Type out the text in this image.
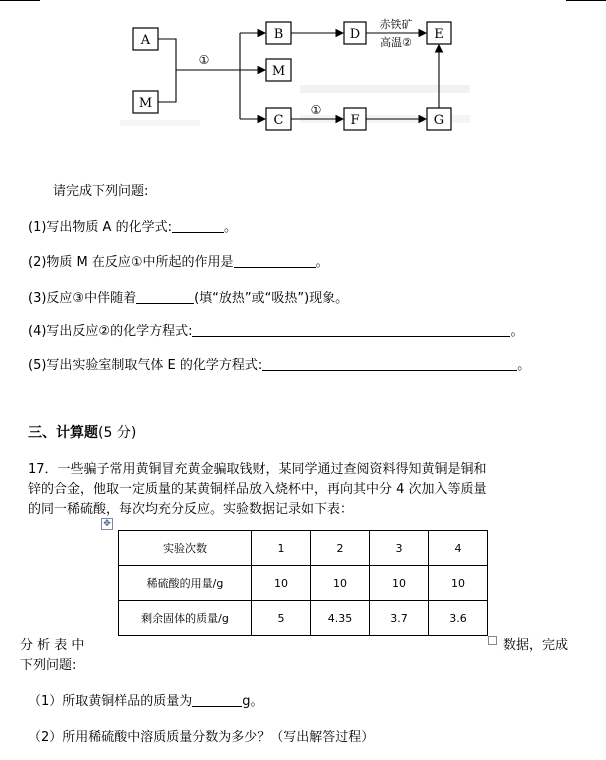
A
M
B
M
C
D	E
F	G
①
①
赤铁矿
高温②
请完成下列问题:
(1)写出物质 A 的化学式:	。
(2)物质 M 在反应①中所起的作用是	。
(3)反应③中伴随着	(填“放热”或“吸热”)现象。
(4)写出反应②的化学方程式:	。
(5)写出实验室制取气体 E 的化学方程式:	。
三、计算题(5 分)
17．一些骗子常用黄铜冒充黄金骗取钱财，某同学通过查阅资料得知黄铜是铜和
锌的合金，他取一定质量的某黄铜样品放入烧杯中，再向其中分 4 次加入等质量
的同一稀硫酸，每次均充分反应。实验数据记录如下表：
✥
实验次数	1	2	3	4
稀硫酸的用量/g	10	10	10	10
剩余固体的质量/g	5	4.35	3.7	3.6
分 析 表 中	数据，完成
下列问题:
（1）所取黄铜样品的质量为	g。
（2）所用稀硫酸中溶质质量分数为多少？（写出解答过程）
